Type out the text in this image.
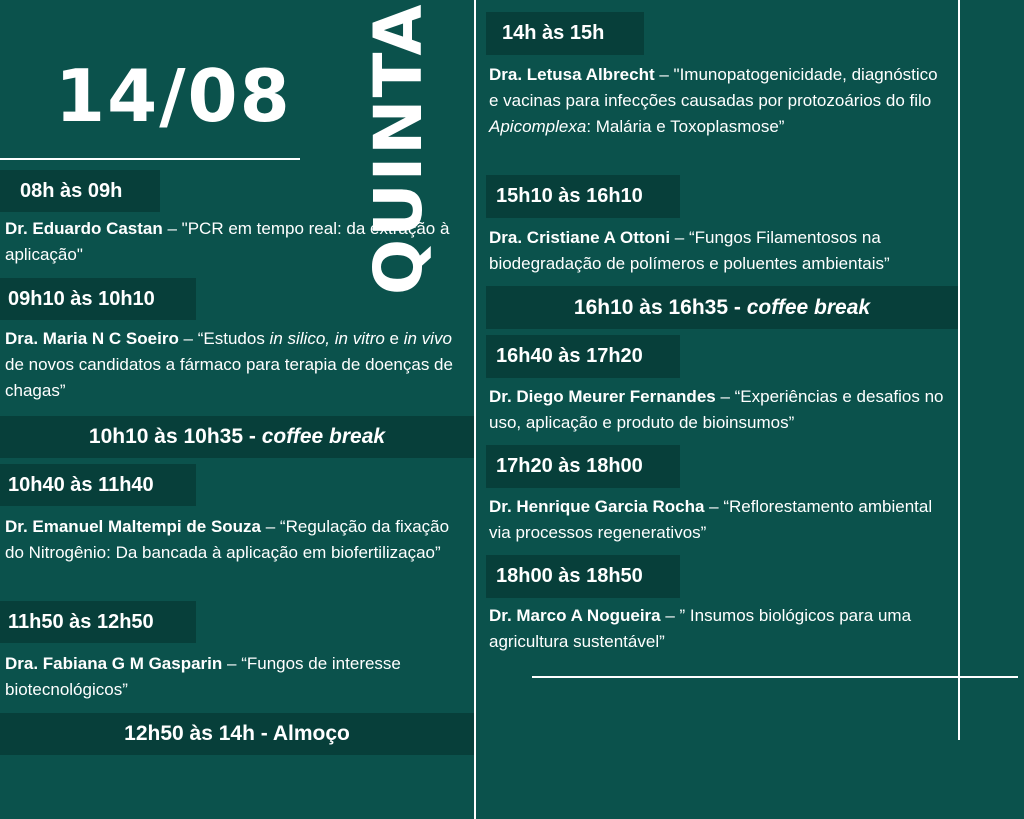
14/08 QUINTA
08h às 09h
Dr. Eduardo Castan – "PCR em tempo real: da extração à aplicação"
09h10 às 10h10
Dra. Maria N C Soeiro – “Estudos in silico, in vitro e in vivo de novos candidatos a fármaco para terapia de doenças de chagas”
10h10 às 10h35 -
coffee break
10h40 às 11h40
Dr. Emanuel Maltempi de Souza – “Regulação da fixação do Nitrogênio: Da bancada à aplicação em biofertilizaçao”
11h50 às 12h50
Dra. Fabiana G M Gasparin – “Fungos de interesse biotecnológicos”
12h50 às 14h - Almoço
14h às 15h
Dra. Letusa Albrecht – "Imunopatogenicidade, diagnóstico e vacinas para infecções causadas por protozoários do filo Apicomplexa: Malária e Toxoplasmose”
15h10 às 16h10
Dra. Cristiane A Ottoni – “Fungos Filamentosos na biodegradação de polímeros e poluentes ambientais”
16h10 às 16h35 -
coffee break
16h40 às 17h20
Dr. Diego Meurer Fernandes – “Experiências e desafios no uso, aplicação e produto de bioinsumos”
17h20 às 18h00
Dr. Henrique Garcia Rocha – “Reflorestamento ambiental via processos regenerativos”
18h00 às 18h50
Dr. Marco A Nogueira – ” Insumos biológicos para uma agricultura sustentável”
